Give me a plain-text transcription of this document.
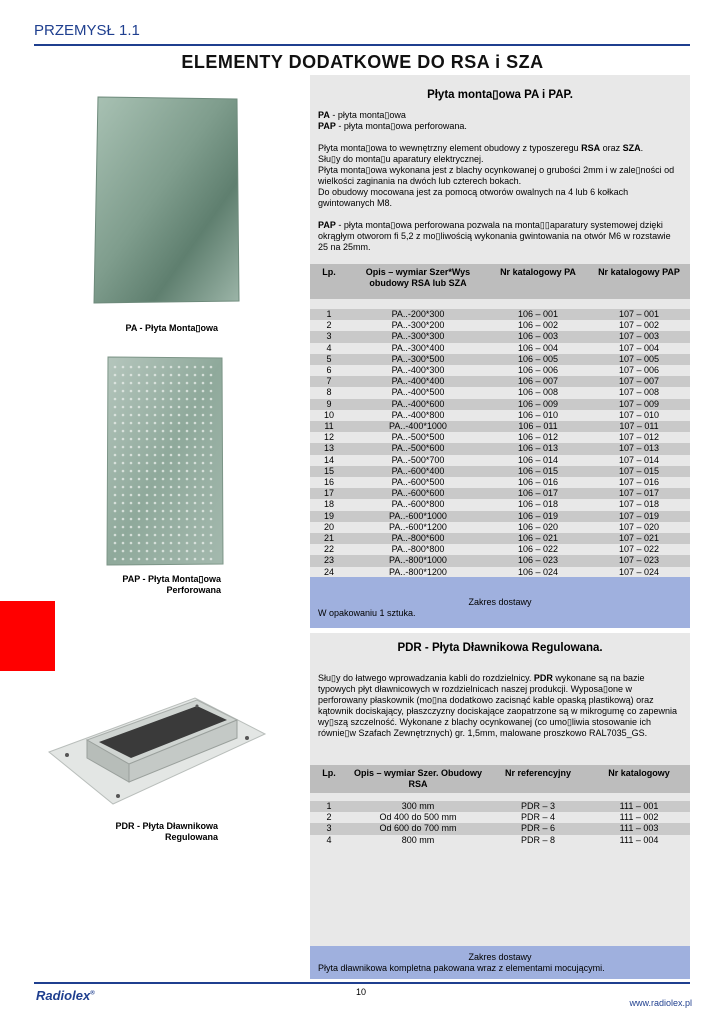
PRZEMYSŁ 1.1
ELEMENTY DODATKOWE DO RSA i SZA
PA - Płyta Monta▯owa
PAP - Płyta Monta▯owa
Perforowana
PDR - Płyta Dławnikowa
Regulowana
Płyta monta▯owa PA i PAP.
PA - płyta monta▯owa
PAP - płyta monta▯owa perforowana.
Płyta monta▯owa to wewnętrzny element obudowy z typoszeregu RSA oraz SZA.
Słu▯y do monta▯u aparatury elektrycznej.
Płyta monta▯owa wykonana jest z blachy ocynkowanej o grubości 2mm i w zale▯ności od wielkości zaginania na dwóch lub czterech bokach.
Do obudowy mocowana jest za pomocą otworów owalnych na 4 lub 6 kołkach gwintowanych M8.
PAP - płyta monta▯owa perforowana pozwala na monta▯▯aparatury systemowej dzięki okrągłym otworom fi 5,2 z mo▯liwością wykonania gwintowania na otwór M6 w rozstawie 25 na 25mm.
Lp.	Opis – wymiar Szer*Wys obudowy RSA lub SZA	Nr katalogowy PA	Nr katalogowy PAP

1	PA..-200*300	106 – 001	107 – 001
2	PA..-300*200	106 – 002	107 – 002
3	PA..-300*300	106 – 003	107 – 003
4	PA..-300*400	106 – 004	107 – 004
5	PA..-300*500	106 – 005	107 – 005
6	PA..-400*300	106 – 006	107 – 006
7	PA..-400*400	106 – 007	107 – 007
8	PA..-400*500	106 – 008	107 – 008
9	PA..-400*600	106 – 009	107 – 009
10	PA..-400*800	106 – 010	107 – 010
11	PA..-400*1000	106 – 011	107 – 011
12	PA..-500*500	106 – 012	107 – 012
13	PA..-500*600	106 – 013	107 – 013
14	PA..-500*700	106 – 014	107 – 014
15	PA..-600*400	106 – 015	107 – 015
16	PA..-600*500	106 – 016	107 – 016
17	PA..-600*600	106 – 017	107 – 017
18	PA..-600*800	106 – 018	107 – 018
19	PA..-600*1000	106 – 019	107 – 019
20	PA..-600*1200	106 – 020	107 – 020
21	PA..-800*600	106 – 021	107 – 021
22	PA..-800*800	106 – 022	107 – 022
23	PA..-800*1000	106 – 023	107 – 023
24	PA..-800*1200	106 – 024	107 – 024
Zakres dostawy
W opakowaniu 1 sztuka.
PDR - Płyta Dławnikowa Regulowana.
Słu▯y do łatwego wprowadzania kabli do rozdzielnicy. PDR wykonane są na bazie typowych płyt dławnicowych w rozdzielnicach naszej produkcji. Wyposa▯one w perforowany płaskownik (mo▯na dodatkowo zacisnąć kable opaską plastikową) oraz kątownik dociskający, płaszczyzny dociskające zaopatrzone są w mikrogumę co zapewnia wy▯szą szczelność. Wykonane z blachy ocynkowanej (co umo▯liwia stosowanie ich równie▯w Szafach Zewnętrznych) gr. 1,5mm, malowane proszkowo RAL7035_GS.
Lp.	Opis – wymiar Szer. Obudowy RSA	Nr referencyjny	Nr katalogowy

1	300 mm	PDR – 3	111 – 001
2	Od 400 do 500 mm	PDR – 4	111 – 002
3	Od 600 do 700 mm	PDR – 6	111 – 003
4	800 mm	PDR – 8	111 – 004
Zakres dostawy
Płyta dławnikowa kompletna pakowana wraz z elementami mocującymi.
Radiolex®	10
www.radiolex.pl
